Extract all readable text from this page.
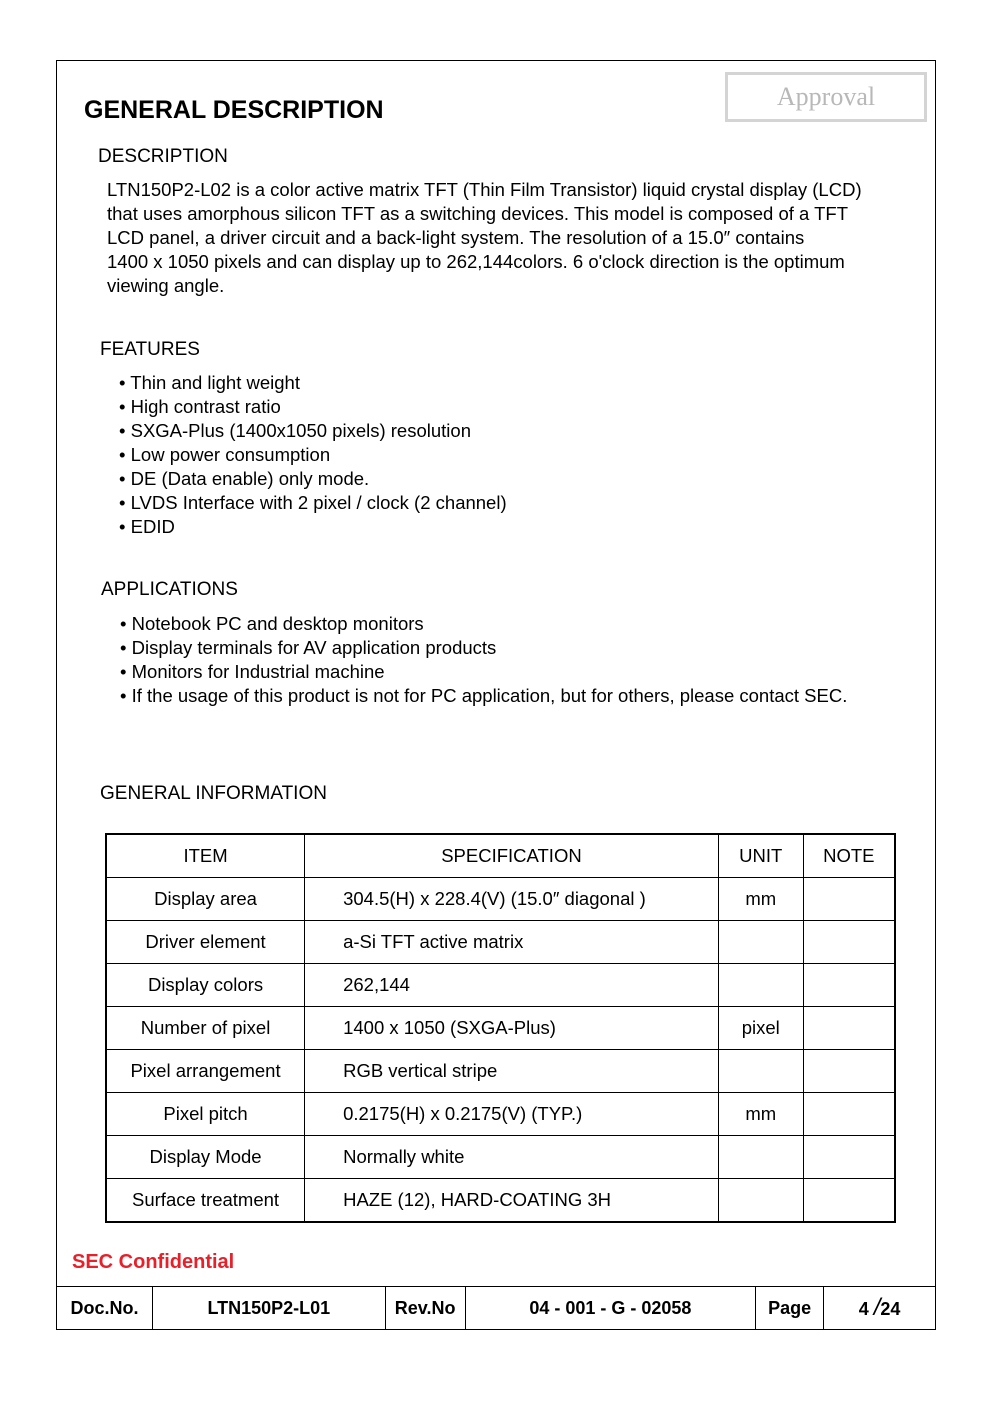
Approval
GENERAL DESCRIPTION
DESCRIPTION
LTN150P2-L02 is a color active matrix TFT (Thin Film Transistor) liquid crystal display (LCD)
that uses amorphous silicon TFT as a switching devices. This model is composed of a TFT
LCD panel, a driver circuit and a back-light system. The resolution of a 15.0″ contains
1400 x 1050 pixels and can display up to 262,144colors. 6 o'clock direction is the optimum
viewing angle.
FEATURES
• Thin and light weight
• High contrast ratio
• SXGA-Plus (1400x1050 pixels) resolution
• Low power consumption
• DE (Data enable) only mode.
• LVDS Interface with 2 pixel / clock (2 channel)
• EDID
APPLICATIONS
• Notebook PC and desktop monitors
• Display terminals for AV application products
• Monitors for Industrial machine
• If the usage of this product is not for PC application, but for others, please contact SEC.
GENERAL INFORMATION
ITEM	SPECIFICATION	UNIT	NOTE
Display area	304.5(H) x 228.4(V) (15.0″ diagonal )	mm	
Driver element	a-Si TFT active matrix		
Display colors	262,144		
Number of pixel	1400 x 1050 (SXGA-Plus)	pixel	
Pixel arrangement	RGB vertical stripe		
Pixel pitch	0.2175(H) x 0.2175(V) (TYP.)	mm	
Display Mode	Normally white		
Surface treatment	HAZE (12), HARD-COATING 3H		
SEC Confidential
Doc.No.	LTN150P2-L01	Rev.No	04 - 001 - G - 02058	Page	4 /24
